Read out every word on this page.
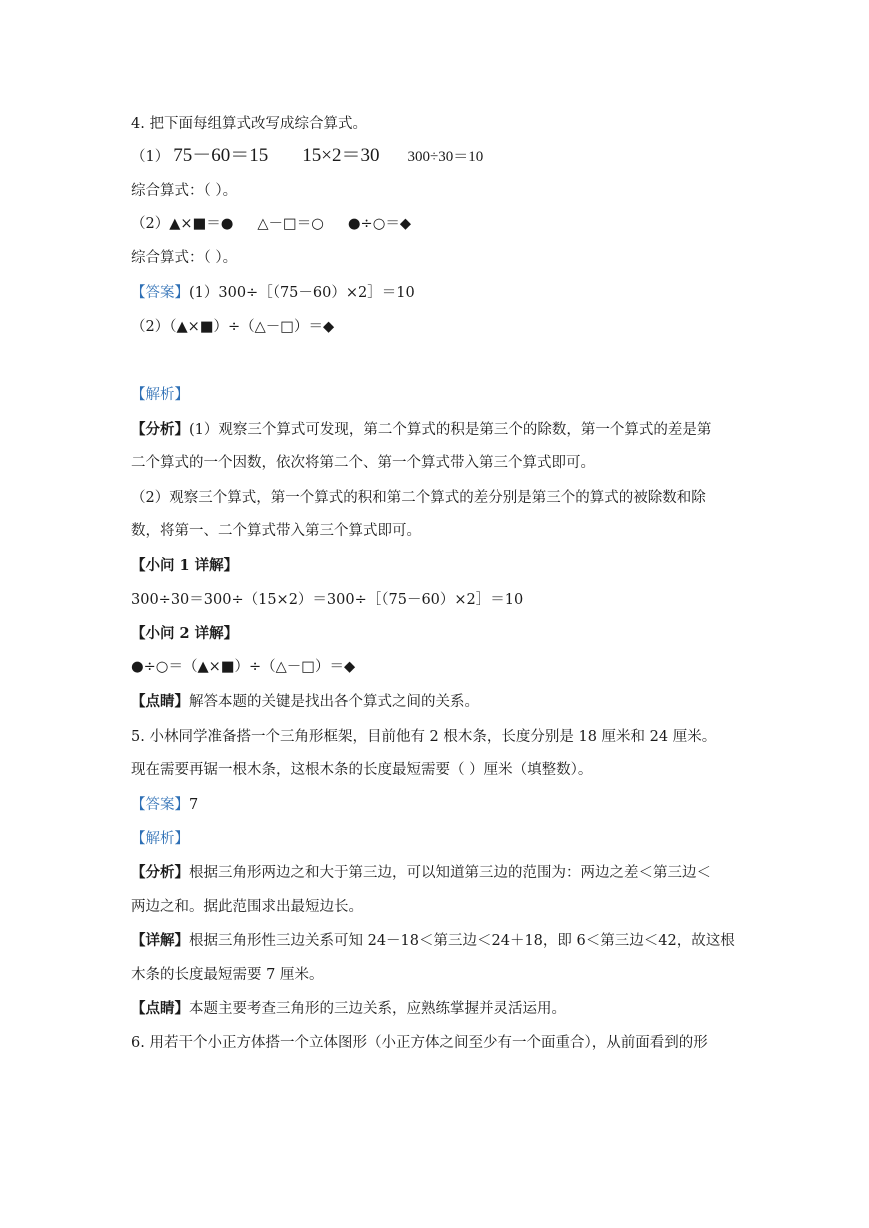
4. 把下面每组算式改写成综合算式。
（1） 75－60＝15 15×2＝30 300÷30＝10
综合算式：（ ）。
（2）▲×■＝● △－□＝○ ●÷○＝◆
综合算式：（ ）。
【答案】(1）300÷［（75－60）×2］＝10
（2）（▲×■）÷（△－□）＝◆
【解析】
【分析】(1）观察三个算式可发现，第二个算式的积是第三个的除数，第一个算式的差是第
二个算式的一个因数，依次将第二个、第一个算式带入第三个算式即可。
（2）观察三个算式，第一个算式的积和第二个算式的差分别是第三个的算式的被除数和除
数，将第一、二个算式带入第三个算式即可。
【小问 1 详解】
300÷30＝300÷（15×2）＝300÷［（75－60）×2］＝10
【小问 2 详解】
●÷○＝（▲×■）÷（△－□）＝◆
【点睛】解答本题的关键是找出各个算式之间的关系。
5. 小林同学准备搭一个三角形框架，目前他有 2 根木条，长度分别是 18 厘米和 24 厘米。
现在需要再锯一根木条，这根木条的长度最短需要（ ）厘米（填整数）。
【答案】7
【解析】
【分析】根据三角形两边之和大于第三边，可以知道第三边的范围为：两边之差＜第三边＜
两边之和。据此范围求出最短边长。
【详解】根据三角形性三边关系可知 24－18＜第三边＜24＋18，即 6＜第三边＜42，故这根
木条的长度最短需要 7 厘米。
【点睛】本题主要考查三角形的三边关系，应熟练掌握并灵活运用。
6. 用若干个小正方体搭一个立体图形（小正方体之间至少有一个面重合），从前面看到的形
